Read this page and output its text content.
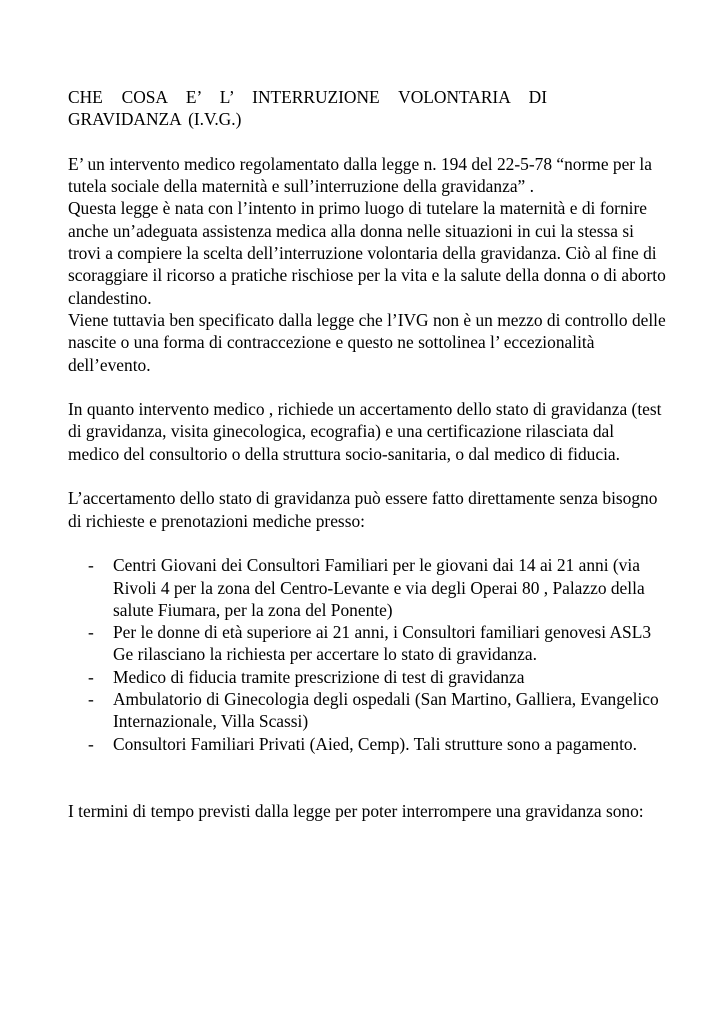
CHE COSA E’ L’ INTERRUZIONE VOLONTARIA DI
GRAVIDANZA (I.V.G.)

E’ un intervento medico regolamentato dalla legge n. 194 del 22-5-78 “norme per la tutela sociale della maternità e sull’interruzione della gravidanza” .

Questa legge è nata con l’intento in primo luogo di tutelare la maternità e di fornire anche un’adeguata assistenza medica alla donna nelle situazioni in cui la stessa si trovi a compiere la scelta dell’interruzione volontaria della gravidanza. Ciò al fine di scoraggiare il ricorso a pratiche rischiose per la vita e la salute della donna o di aborto clandestino.

Viene tuttavia ben specificato dalla legge che l’IVG non è un mezzo di controllo delle nascite o una forma di contraccezione e questo ne sottolinea l’ eccezionalità dell’evento.

In quanto intervento medico , richiede un accertamento dello stato di gravidanza (test di gravidanza, visita ginecologica, ecografia) e una certificazione rilasciata dal medico del consultorio o della struttura socio-sanitaria, o dal medico di fiducia.

L’accertamento dello stato di gravidanza può essere fatto direttamente senza bisogno di richieste e prenotazioni mediche presso:

- Centri Giovani dei Consultori Familiari per le giovani dai 14 ai 21 anni (via Rivoli 4 per la zona del Centro-Levante e via degli Operai 80 , Palazzo della salute Fiumara, per la zona del Ponente)
- Per le donne di età superiore ai 21 anni, i Consultori familiari genovesi ASL3 Ge rilasciano la richiesta per accertare lo stato di gravidanza.
- Medico di fiducia tramite prescrizione di test di gravidanza
- Ambulatorio di Ginecologia degli ospedali (San Martino, Galliera, Evangelico Internazionale, Villa Scassi)
- Consultori Familiari Privati (Aied, Cemp). Tali strutture sono a pagamento.

I termini di tempo previsti dalla legge per poter interrompere una gravidanza sono:
